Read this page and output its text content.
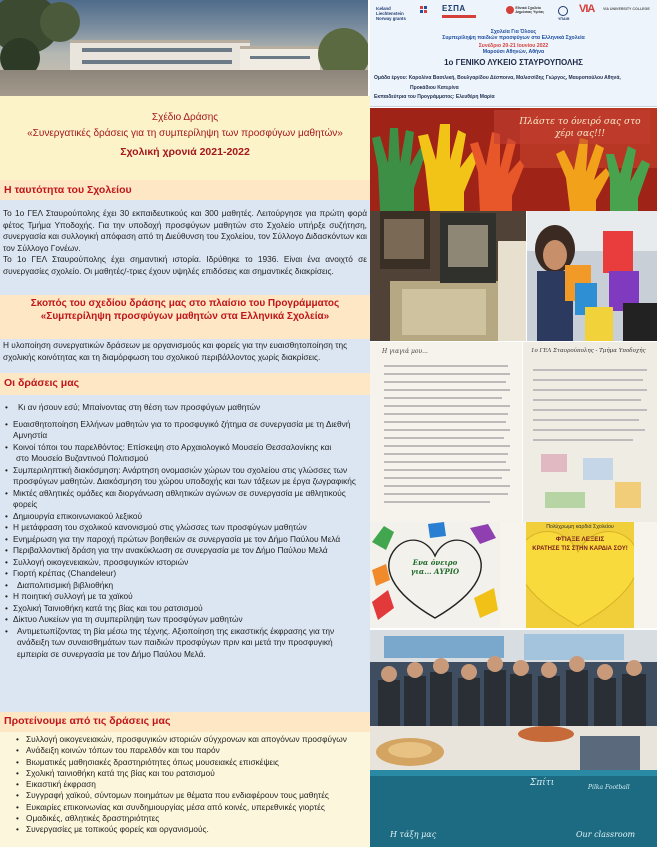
Σχέδιο Δράσης
«Συνεργατικές δράσεις για τη συμπερίληψη των προσφύγων μαθητών»
Σχολική χρονιά 2021-2022
Η ταυτότητα του Σχολείου

Το 1ο ΓΕΛ Σταυρούπολης έχει 30 εκπαιδευτικούς και 300 μαθητές. Λειτούργησε για πρώτη φορά φέτος Τμήμα Υποδοχής. Για την υποδοχή προσφύγων μαθητών στο Σχολείο υπήρξε συζήτηση, συνεργασία και συλλογική απόφαση από τη Διεύθυνση του Σχολείου, τον Σύλλογο Διδασκόντων και τον Σύλλογο Γονέων.

Το 1ο ΓΕΛ Σταυρούπολης έχει σημαντική ιστορία. Ιδρύθηκε το 1936. Είναι ένα ανοιχτό σε συνεργασίες σχολείο. Οι μαθητές/-τριες έχουν υψηλές επιδόσεις και σημαντικές διακρίσεις.

Σκοπός του σχεδίου δράσης μας στο πλαίσιο του Προγράμματος «Συμπερίληψη προσφύγων μαθητών στα Ελληνικά Σχολεία»
Η υλοποίηση συνεργατικών δράσεων με οργανισμούς και φορείς για την ευαισθητοποίηση της σχολικής κοινότητας και τη διαμόρφωση του σχολικού περιβάλλοντος χωρίς διακρίσεις.
Οι δράσεις μας
• Κι αν ήσουν εσύ; Μπαίνοντας στη θέση των προσφύγων μαθητών
• Ευαισθητοποίηση Ελλήνων μαθητών για το προσφυγικό ζήτημα σε συνεργασία με τη Διεθνή Αμνηστία
• Κοινοί τόποι του παρελθόντος: Επίσκεψη στο Αρχαιολογικό Μουσείο Θεσσαλονίκης και
στο Μουσείο Βυζαντινού Πολιτισμού
• Συμπεριληπτική διακόσμηση: Ανάρτηση ονομασιών χώρων του σχολείου στις γλώσσες των προσφύγων μαθητών. Διακόσμηση του χώρου υποδοχής και των τάξεων με έργα ζωγραφικής
• Μικτές αθλητικές ομάδες και διοργάνωση αθλητικών αγώνων σε συνεργασία με αθλητικούς φορείς
• Δημιουργία επικοινωνιακού λεξικού
• Η μετάφραση του σχολικού κανονισμού στις γλώσσες των προσφύγων μαθητών
• Ενημέρωση για την παροχή πρώτων βοηθειών σε συνεργασία με τον Δήμο Παύλου Μελά
• Περιβαλλοντική δράση για την ανακύκλωση σε συνεργασία με τον Δήμο Παύλου Μελά
• Συλλογή οικογενειακών, προσφυγικών ιστοριών
• Γιορτή κρέπας (Chandeleur)
• Διαπολιτισμική βιβλιοθήκη
• Η ποιητική συλλογή με τα χαϊκού
• Σχολική Ταινιοθήκη κατά της βίας και του ρατσισμού
• Δίκτυο Λυκείων για τη συμπερίληψη των προσφύγων μαθητών
• Αντιμετωπίζοντας τη βία μέσω της τέχνης. Αξιοποίηση της εικαστικής έκφρασης για την ανάδειξη των συναισθημάτων των παιδιών προσφύγων πριν και μετά την προσφυγική εμπειρία σε συνεργασία με τον Δήμο Παύλου Μελά.
Προτείνουμε από τις δράσεις μας
• Συλλογή οικογενειακών, προσφυγικών ιστοριών σύγχρονων και απογόνων προσφύγων
• Ανάδειξη κοινών τόπων του παρελθόν και του παρόν
• Βιωματικές μαθησιακές δραστηριότητες όπως μουσειακές επισκέψεις
• Σχολική ταινιοθήκη κατά της βίας και του ρατσισμού
• Εικαστική έκφραση
• Συγγραφή χαϊκού, σύντομων ποιημάτων με θέματα που ενδιαφέρουν τους μαθητές
• Ευκαιρίες επικοινωνίας και συνδημιουργίας μέσα από κοινές, υπερεθνικές γιορτές
• Ομαδικές, αθλητικές δραστηριότητες
• Συνεργασίες με τοπικούς φορείς και οργανισμούς.
Iceland Liechtenstein Norway grants
ΕΣΠΑ	Εθνικό Σχολείο Δημόσιας Υγείας
ΥΠΑΙΘ
VIA VIA UNIVERSITY COLLEGE
Σχολεία Για Όλους
Συμπερίληψη παιδιών προσφύγων στα Ελληνικά Σχολεία
Συνέδριο 20-21 Ιουνίου 2022
Μαρούσι Αθηνών, Αθήνα
1ο ΓΕΝΙΚΟ ΛΥΚΕΙΟ ΣΤΑΥΡΟΥΠΟΛΗΣ
Ομάδα έργου: Καρολίνα Βασιλική, Βουλγαρίδου Δέσποινα, Μαλισσίδης Γιώργος, Μαυροπούλου Αθηνά,
Προκάδιου Κατερίνα
Εκπαιδεύτρια του Προγράμματος: Ελευθέρη Μαρία
Πλάστε το όνειρό σας στο χέρι σας!!!
Η γιαγιά μου...	1ο ΓΕΛ Σταυρούπολης - Τμήμα Υποδοχής
Ενα όνειρο για... ΑΥΡΙΟ
Πολύχρωμη καρδιά Σχολείου
ΦΤΙΑΞΕ ΛΕΞΕΙΣ
ΚΡΑΤΗΣΕ ΤΙΣ ΣΤΗΝ ΚΑΡΔΙΑ ΣΟΥ!
Σπίτι	Pilka Football
Η τάξη μας	Our classroom
